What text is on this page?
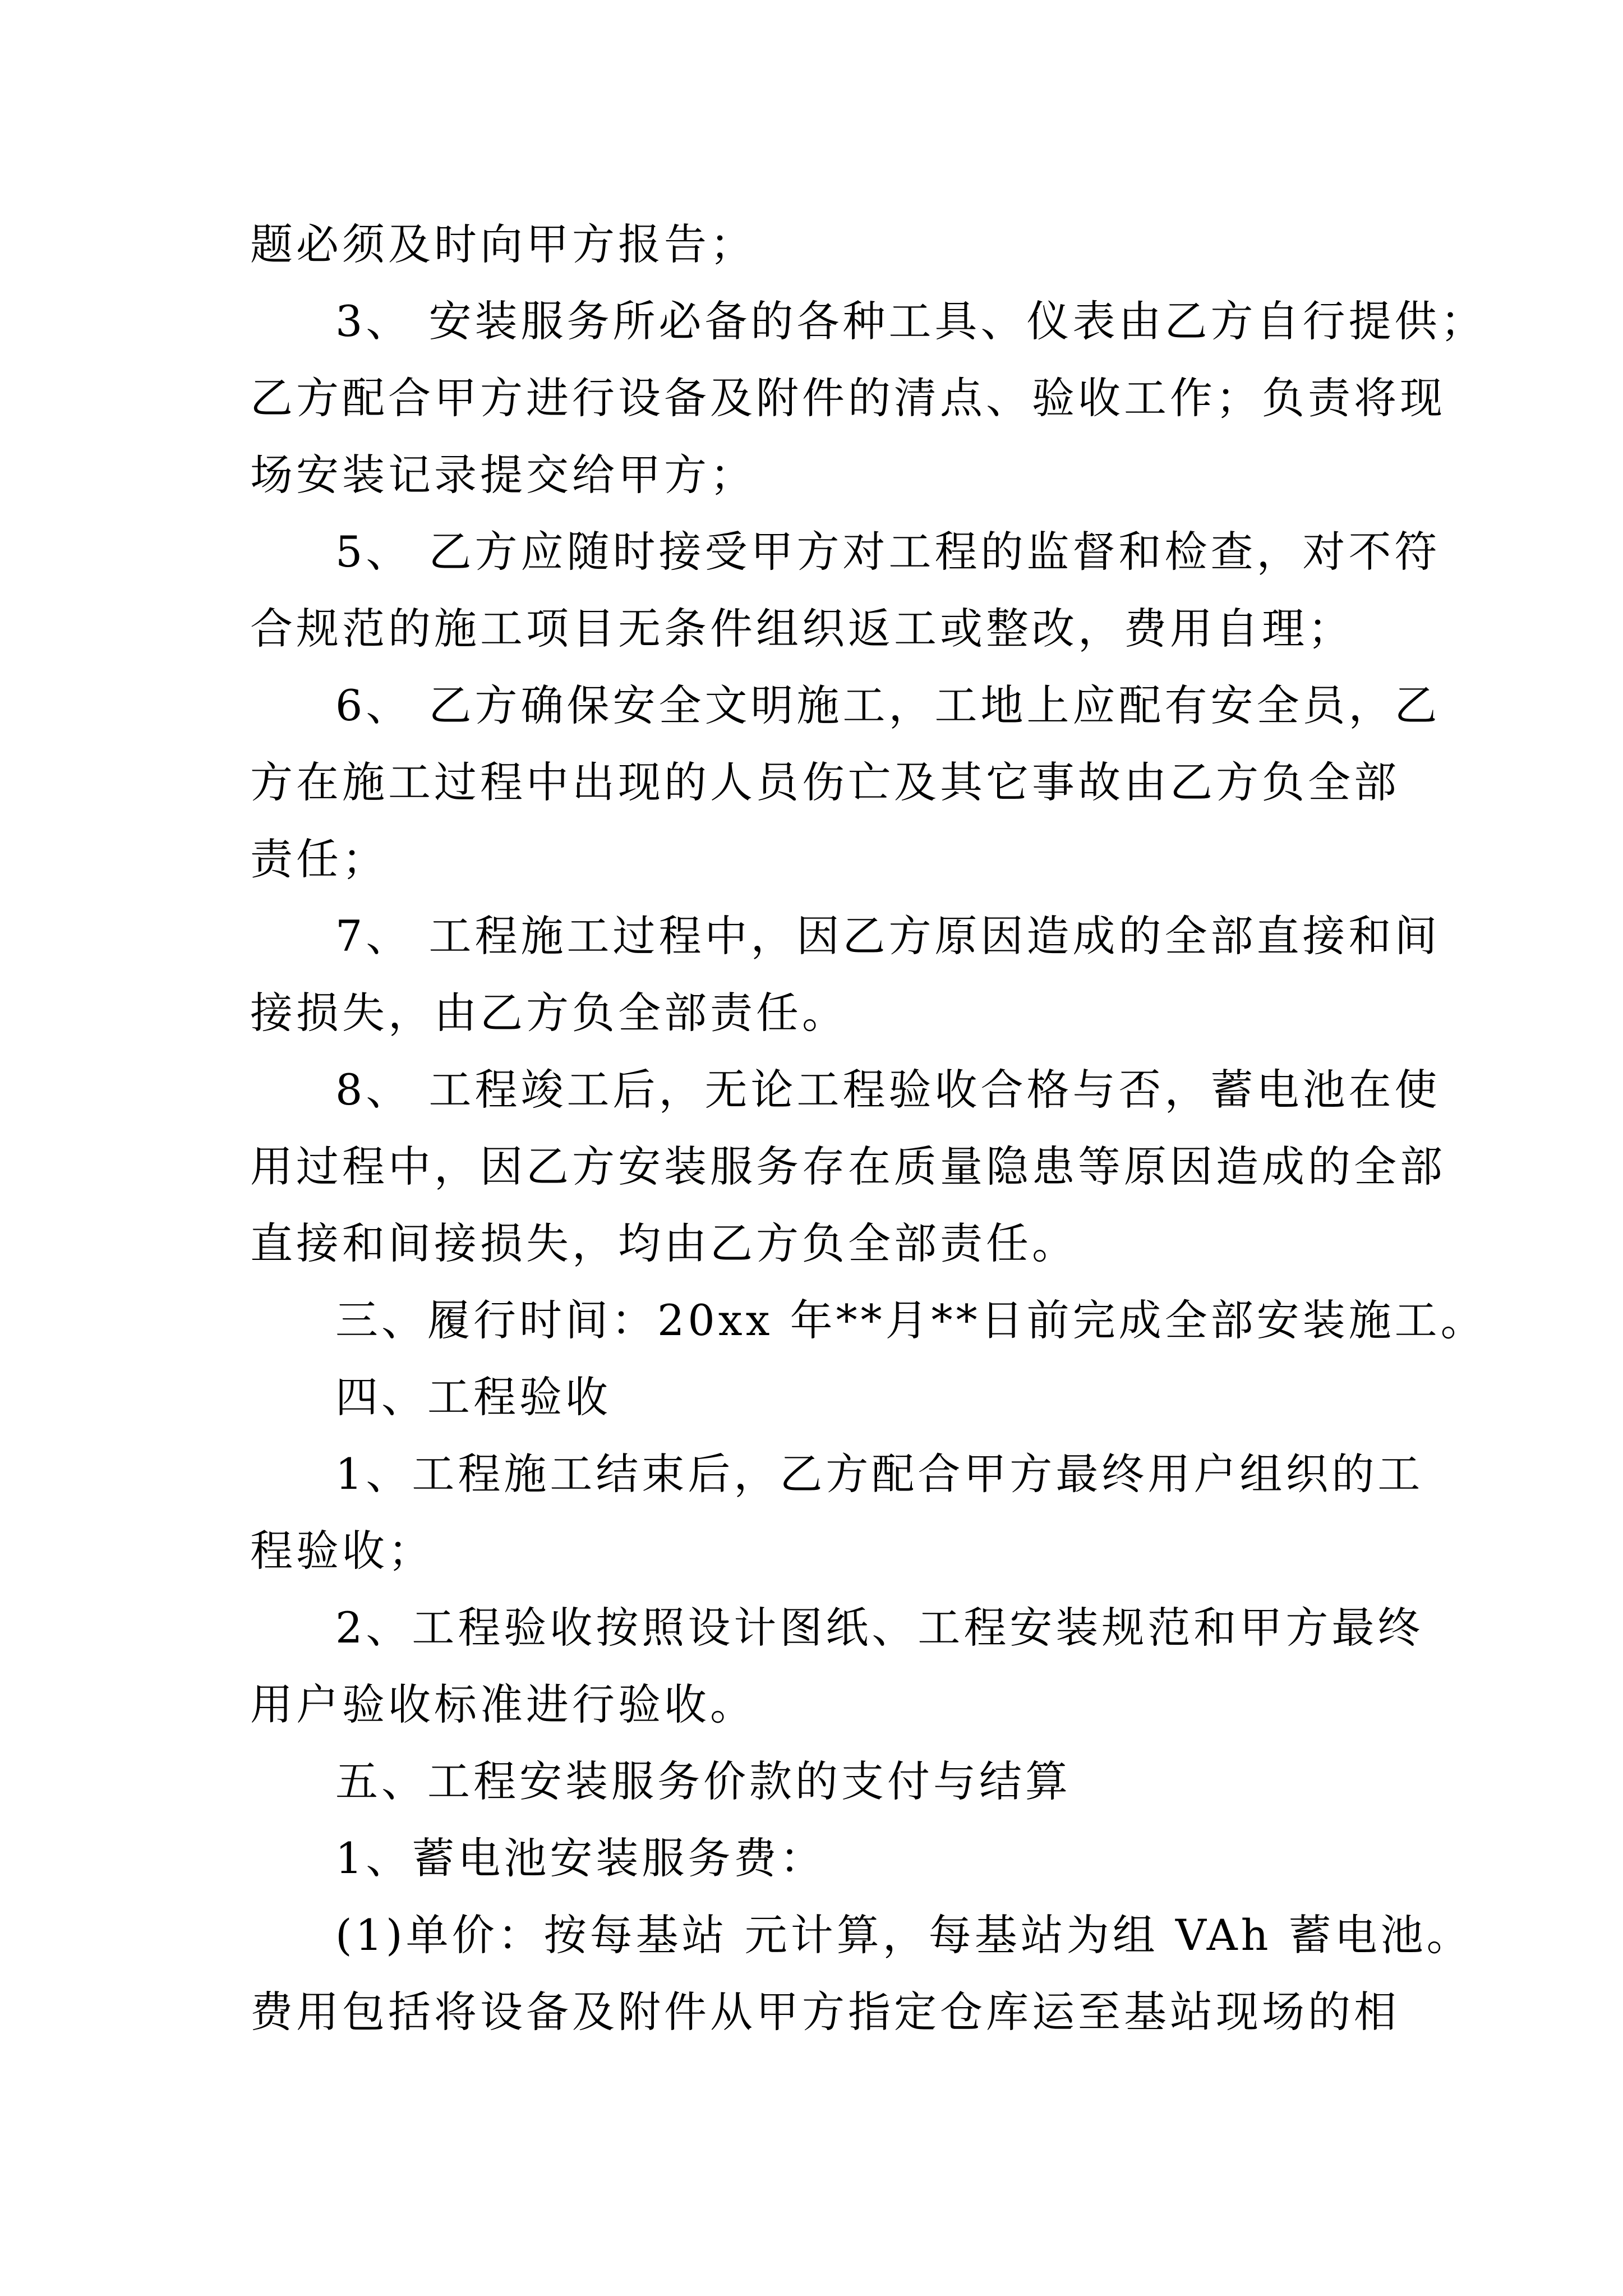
题必须及时向甲方报告；
3、 安装服务所必备的各种工具、仪表由乙方自行提供；
乙方配合甲方进行设备及附件的清点、验收工作；负责将现
场安装记录提交给甲方；
5、 乙方应随时接受甲方对工程的监督和检查，对不符
合规范的施工项目无条件组织返工或整改，费用自理；
6、 乙方确保安全文明施工，工地上应配有安全员，乙
方在施工过程中出现的人员伤亡及其它事故由乙方负全部
责任；
7、 工程施工过程中，因乙方原因造成的全部直接和间
接损失，由乙方负全部责任。
8、 工程竣工后，无论工程验收合格与否，蓄电池在使
用过程中，因乙方安装服务存在质量隐患等原因造成的全部
直接和间接损失，均由乙方负全部责任。
三、履行时间：20xx 年**月**日前完成全部安装施工。
四、工程验收
1、工程施工结束后，乙方配合甲方最终用户组织的工
程验收；
2、工程验收按照设计图纸、工程安装规范和甲方最终
用户验收标准进行验收。
五、工程安装服务价款的支付与结算
1、蓄电池安装服务费：
(1)单价：按每基站 元计算，每基站为组 VAh 蓄电池。
费用包括将设备及附件从甲方指定仓库运至基站现场的相
